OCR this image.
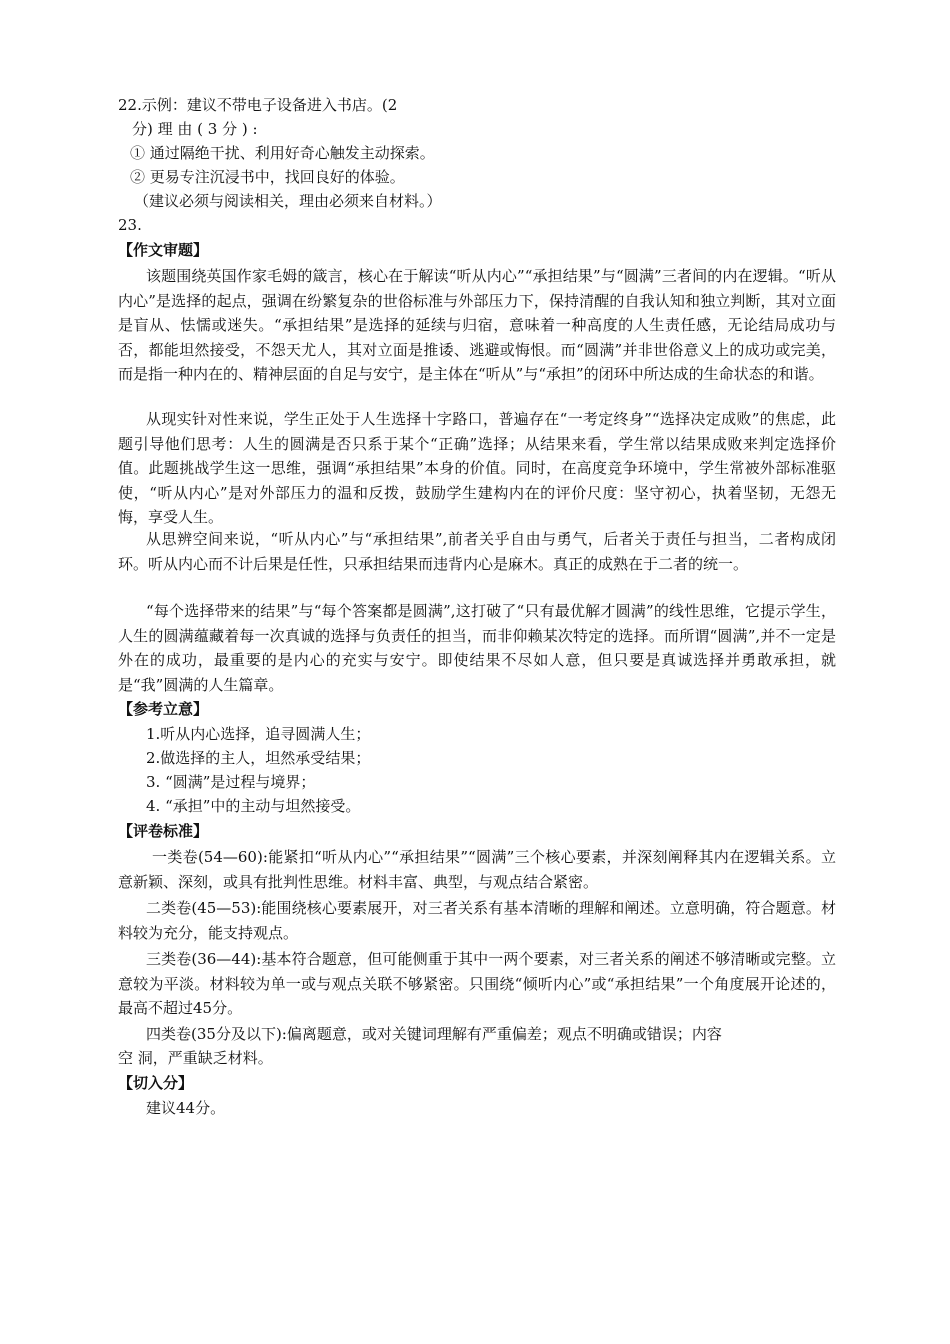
22.示例：建议不带电子设备进入书店。(2
分) 理 由 ( 3 分 ) :
① 通过隔绝干扰、利用好奇心触发主动探索。
② 更易专注沉浸书中，找回良好的体验。
（建议必须与阅读相关，理由必须来自材料。）
23.
【作文审题】
该题围绕英国作家毛姆的箴言，核心在于解读“听从内心”“承担结果”与“圆满”三者间的内在逻辑。“听从内心”是选择的起点，强调在纷繁复杂的世俗标准与外部压力下，保持清醒的自我认知和独立判断，其对立面是盲从、怯懦或迷失。“承担结果”是选择的延续与归宿，意味着一种高度的人生责任感，无论结局成功与否，都能坦然接受，不怨天尤人，其对立面是推诿、逃避或悔恨。而“圆满”并非世俗意义上的成功或完美，而是指一种内在的、精神层面的自足与安宁，是主体在“听从”与“承担”的闭环中所达成的生命状态的和谐。
从现实针对性来说，学生正处于人生选择十字路口，普遍存在“一考定终身”“选择决定成败”的焦虑，此题引导他们思考：人生的圆满是否只系于某个“正确”选择；从结果来看，学生常以结果成败来判定选择价值。此题挑战学生这一思维，强调“承担结果”本身的价值。同时，在高度竞争环境中，学生常被外部标准驱使，“听从内心”是对外部压力的温和反拨，鼓励学生建构内在的评价尺度：坚守初心，执着坚韧，无怨无悔，享受人生。
从思辨空间来说，“听从内心”与“承担结果”,前者关乎自由与勇气，后者关于责任与担当，二者构成闭环。听从内心而不计后果是任性，只承担结果而违背内心是麻木。真正的成熟在于二者的统一。
“每个选择带来的结果”与“每个答案都是圆满”,这打破了“只有最优解才圆满”的线性思维，它提示学生，人生的圆满蕴藏着每一次真诚的选择与负责任的担当，而非仰赖某次特定的选择。而所谓“圆满”,并不一定是外在的成功，最重要的是内心的充实与安宁。即使结果不尽如人意，但只要是真诚选择并勇敢承担，就是“我”圆满的人生篇章。
【参考立意】
1.听从内心选择，追寻圆满人生；
2.做选择的主人，坦然承受结果；
3. “圆满”是过程与境界；
4. “承担”中的主动与坦然接受。
【评卷标准】
一类卷(54—60):能紧扣“听从内心”“承担结果”“圆满”三个核心要素，并深刻阐释其内在逻辑关系。立意新颖、深刻，或具有批判性思维。材料丰富、典型，与观点结合紧密。
二类卷(45—53):能围绕核心要素展开，对三者关系有基本清晰的理解和阐述。立意明确，符合题意。材料较为充分，能支持观点。
三类卷(36—44):基本符合题意，但可能侧重于其中一两个要素，对三者关系的阐述不够清晰或完整。立意较为平淡。材料较为单一或与观点关联不够紧密。只围绕“倾听内心”或“承担结果”一个角度展开论述的，最高不超过45分。
四类卷(35分及以下):偏离题意，或对关键词理解有严重偏差；观点不明确或错误；内容
空 洞，严重缺乏材料。
【切入分】
建议44分。
